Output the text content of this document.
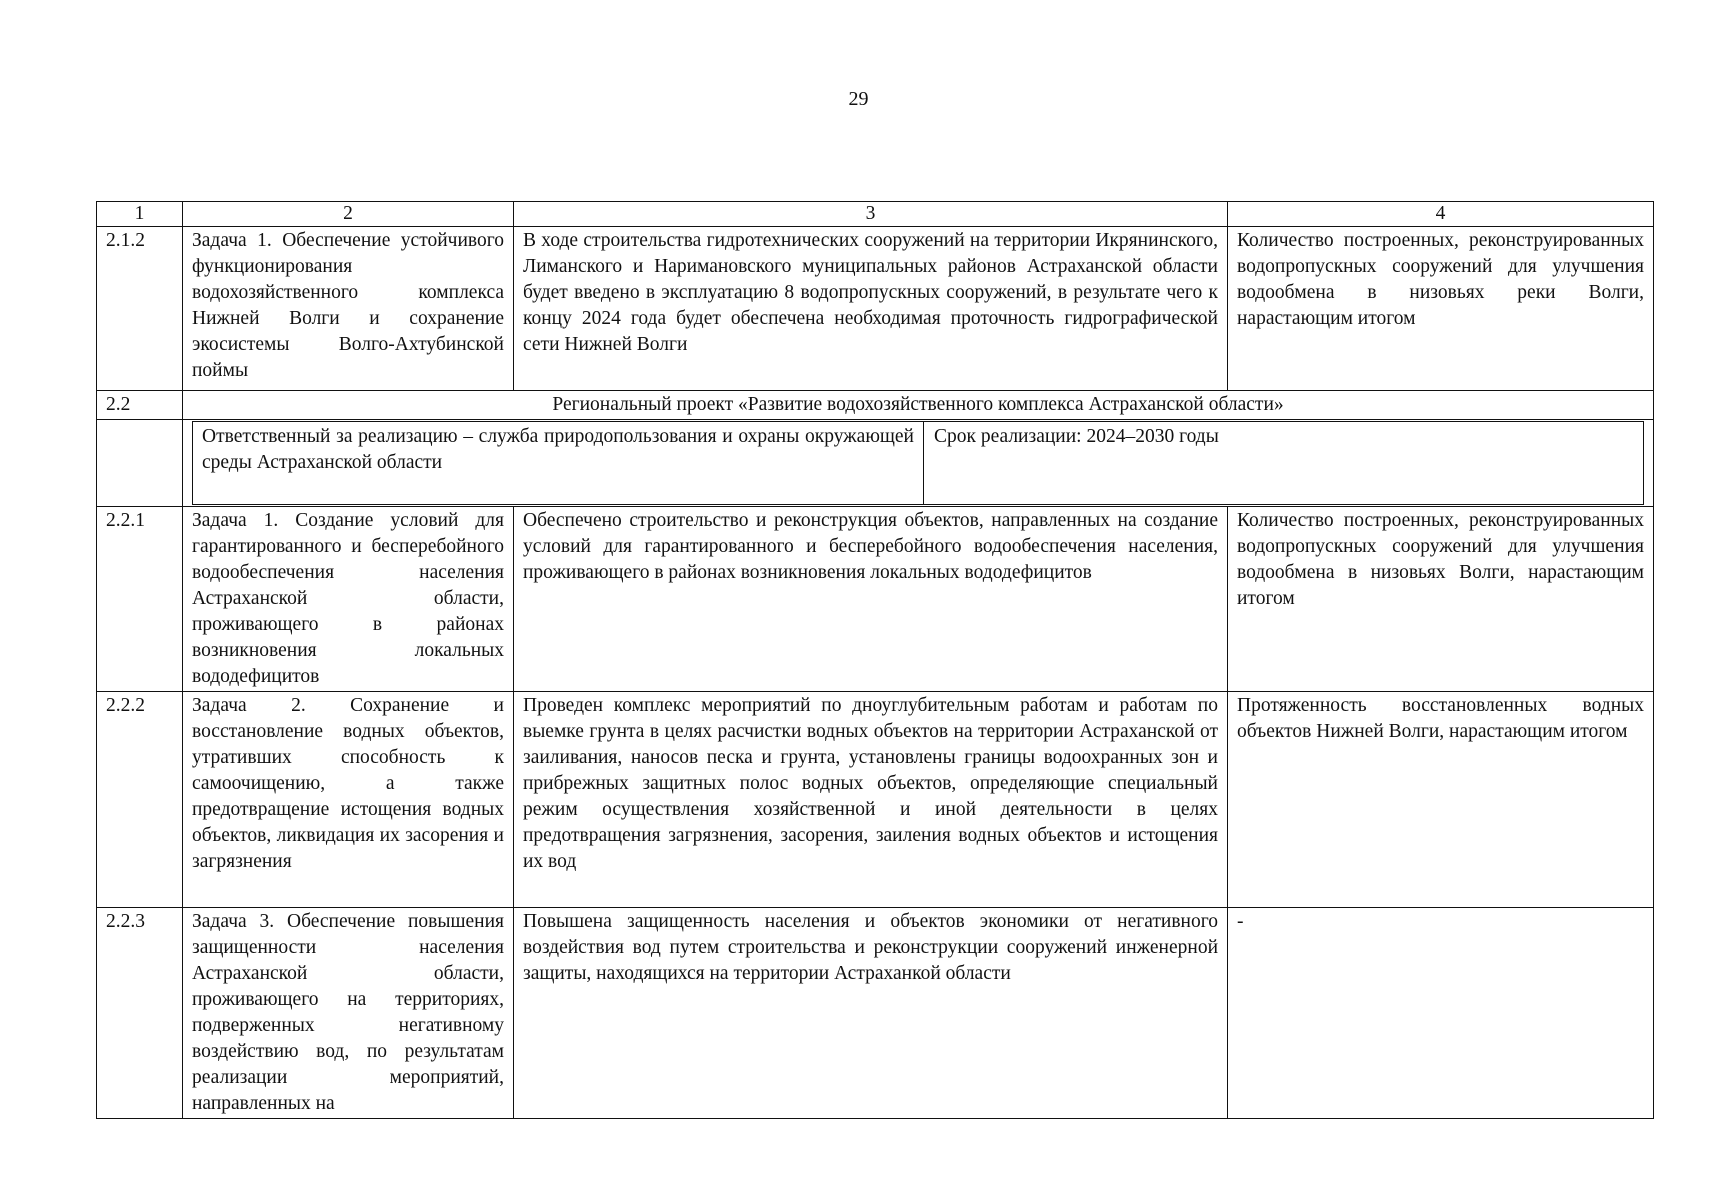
29
1	2	3	4
2.1.2	Задача 1. Обеспечение устойчивого функционирования водохозяйственного комплекса Нижней Волги и сохранение экосистемы Волго-Ахтубинской поймы	В ходе строительства гидротехнических сооружений на территории Икрянинского, Лиманского и Наримановского муниципальных районов Астраханской области будет введено в эксплуатацию 8 водопропускных сооружений, в результате чего к концу 2024 года будет обеспечена необходимая проточность гидрографической сети Нижней Волги	Количество построенных, реконструированных водопропускных сооружений для улучшения водообмена в низовьях реки Волги, нарастающим итогом
2.2	Региональный проект «Развитие водохозяйственного комплекса Астраханской области»

Ответственный за реализацию – служба природопользования и охраны окружающей среды Астраханской области	Срок реализации: 2024–2030 годы

2.2.1	Задача 1. Создание условий для гарантированного и бесперебойного водообеспечения населения Астраханской области, проживающего в районах возникновения локальных вододефицитов	Обеспечено строительство и реконструкция объектов, направленных на создание условий для гарантированного и бесперебойного водообеспечения населения, проживающего в районах возникновения локальных вододефицитов	Количество построенных, реконструированных водопропускных сооружений для улучшения водообмена в низовьях Волги, нарастающим итогом
2.2.2	Задача 2. Сохранение и восстановление водных объектов, утративших способность к самоочищению, а также предотвращение истощения водных объектов, ликвидация их засорения и загрязнения	Проведен комплекс мероприятий по дноуглубительным работам и работам по выемке грунта в целях расчистки водных объектов на территории Астраханской от заиливания, наносов песка и грунта, установлены границы водоохранных зон и прибрежных защитных полос водных объектов, определяющие специальный режим осуществления хозяйственной и иной деятельности в целях предотвращения загрязнения, засорения, заиления водных объектов и истощения их вод	Протяженность восстановленных водных объектов Нижней Волги, нарастающим итогом
2.2.3	Задача 3. Обеспечение повышения защищенности населения Астраханской области, проживающего на территориях, подверженных негативному воздействию вод, по результатам реализации мероприятий, направленных на	Повышена защищенность населения и объектов экономики от негативного воздействия вод путем строительства и реконструкции сооружений инженерной защиты, находящихся на территории Астраханкой области	-
